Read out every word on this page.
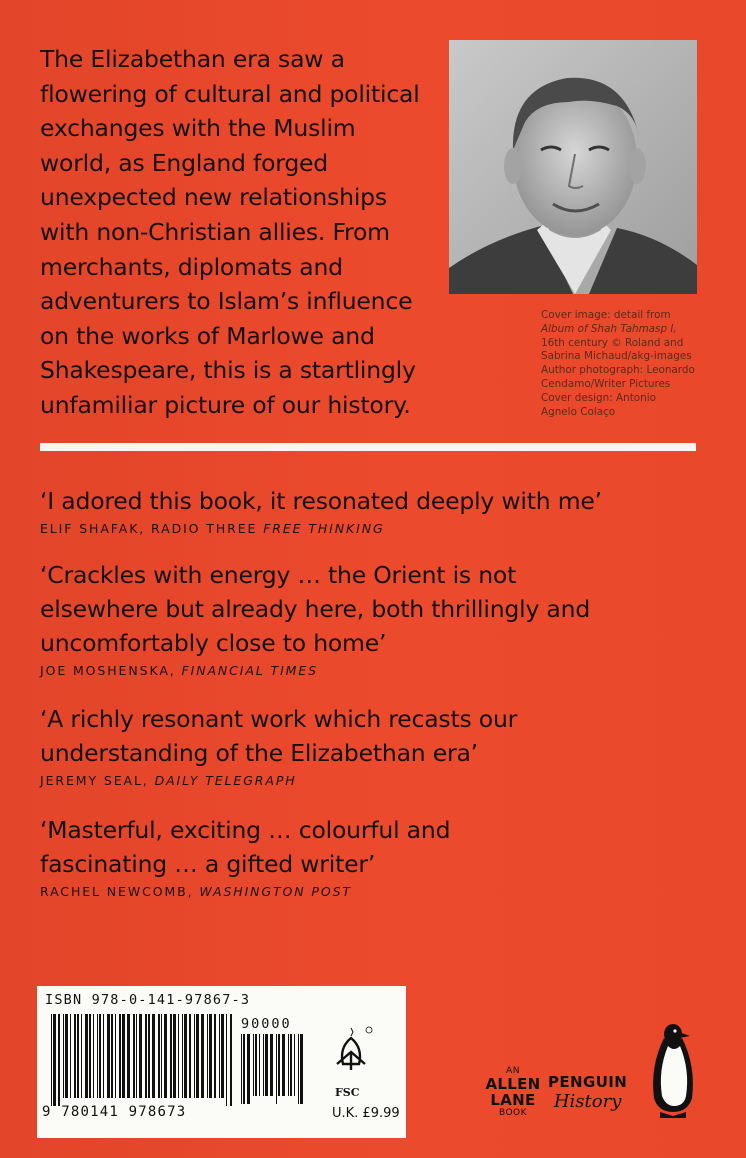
The Elizabethan era saw a
flowering of cultural and political
exchanges with the Muslim
world, as England forged
unexpected new relationships
with non-Christian allies. From
merchants, diplomats and
adventurers to Islam’s influence
on the works of Marlowe and
Shakespeare, this is a startlingly
unfamiliar picture of our history.
Cover image: detail from
Album of Shah Tahmasp I,
16th century © Roland and
Sabrina Michaud/akg-images
Author photograph: Leonardo
Cendamo/Writer Pictures
Cover design: Antonio
Agnelo Colaço
‘I adored this book, it resonated deeply with me’
ELIF SHAFAK, RADIO THREE FREE THINKING
‘Crackles with energy … the Orient is not
elsewhere but already here, both thrillingly and
uncomfortably close to home’
JOE MOSHENSKA, FINANCIAL TIMES
‘A richly resonant work which recasts our
understanding of the Elizabethan era’
JEREMY SEAL, DAILY TELEGRAPH
‘Masterful, exciting … colourful and
fascinating … a gifted writer’
RACHEL NEWCOMB, WASHINGTON POST
ISBN 978-0-141-97867-3
90000
9 780141 978673
FSC
U.K. £9.99
AN
ALLEN
LANE
BOOK
PENGUIN
History
